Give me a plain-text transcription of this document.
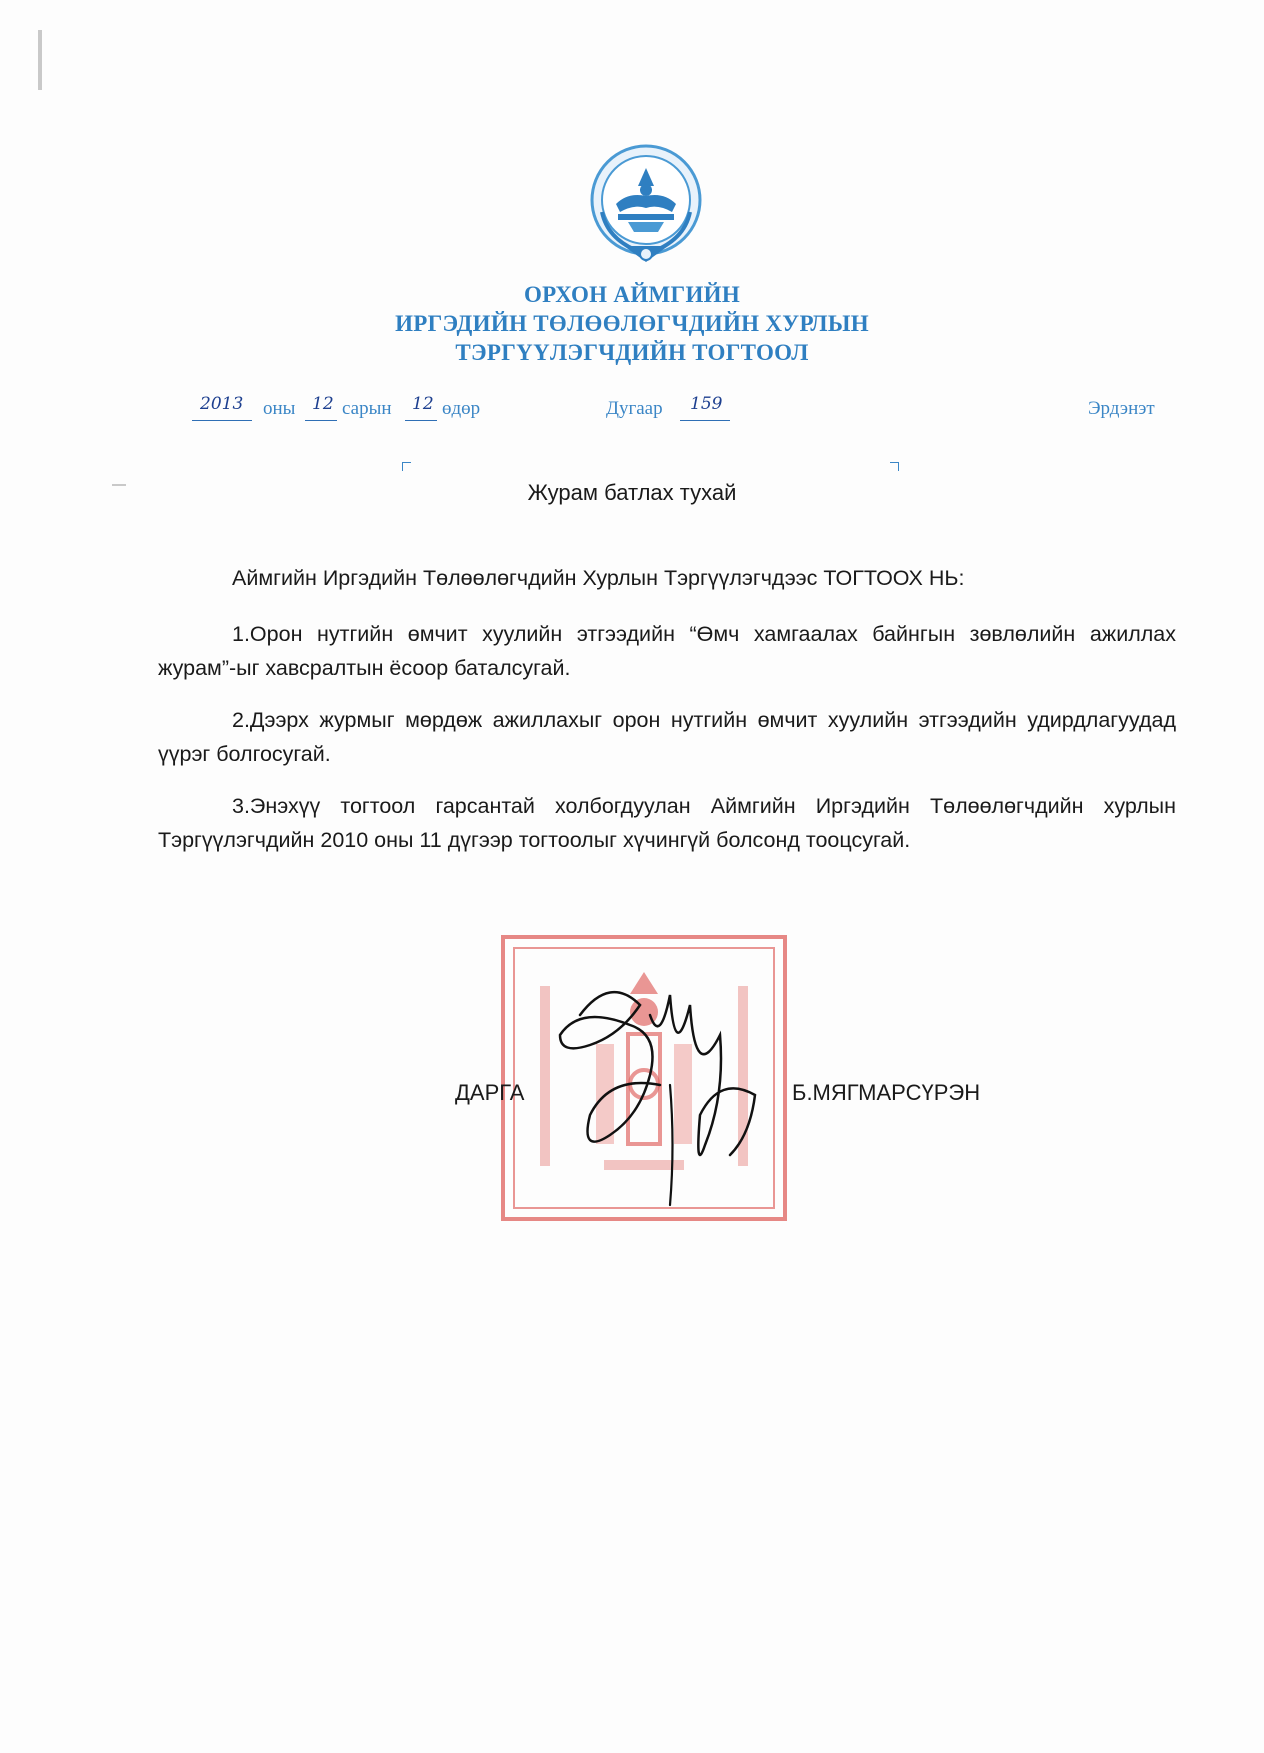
ОРХОН АЙМГИЙН
ИРГЭДИЙН ТӨЛӨӨЛӨГЧДИЙН ХУРЛЫН
ТЭРГҮҮЛЭГЧДИЙН ТОГТООЛ
2013 оны 12 сарын 12 өдөр	Дугаар 159	Эрдэнэт
Журам батлах тухай
Аймгийн Иргэдийн Төлөөлөгчдийн Хурлын Тэргүүлэгчдээс ТОГТООХ НЬ:
1.Орон нутгийн өмчит хуулийн этгээдийн “Өмч хамгаалах байнгын зөвлөлийн ажиллах журам”-ыг хавсралтын ёсоор баталсугай.
2.Дээрх журмыг мөрдөж ажиллахыг орон нутгийн өмчит хуулийн этгээдийн удирдлагуудад үүрэг болгосугай.
3.Энэхүү тогтоол гарсантай холбогдуулан Аймгийн Иргэдийн Төлөөлөгчдийн хурлын Тэргүүлэгчдийн 2010 оны 11 дүгээр тогтоолыг хүчингүй болсонд тооцсугай.
ДАРГА	Б.МЯГМАРСҮРЭН
